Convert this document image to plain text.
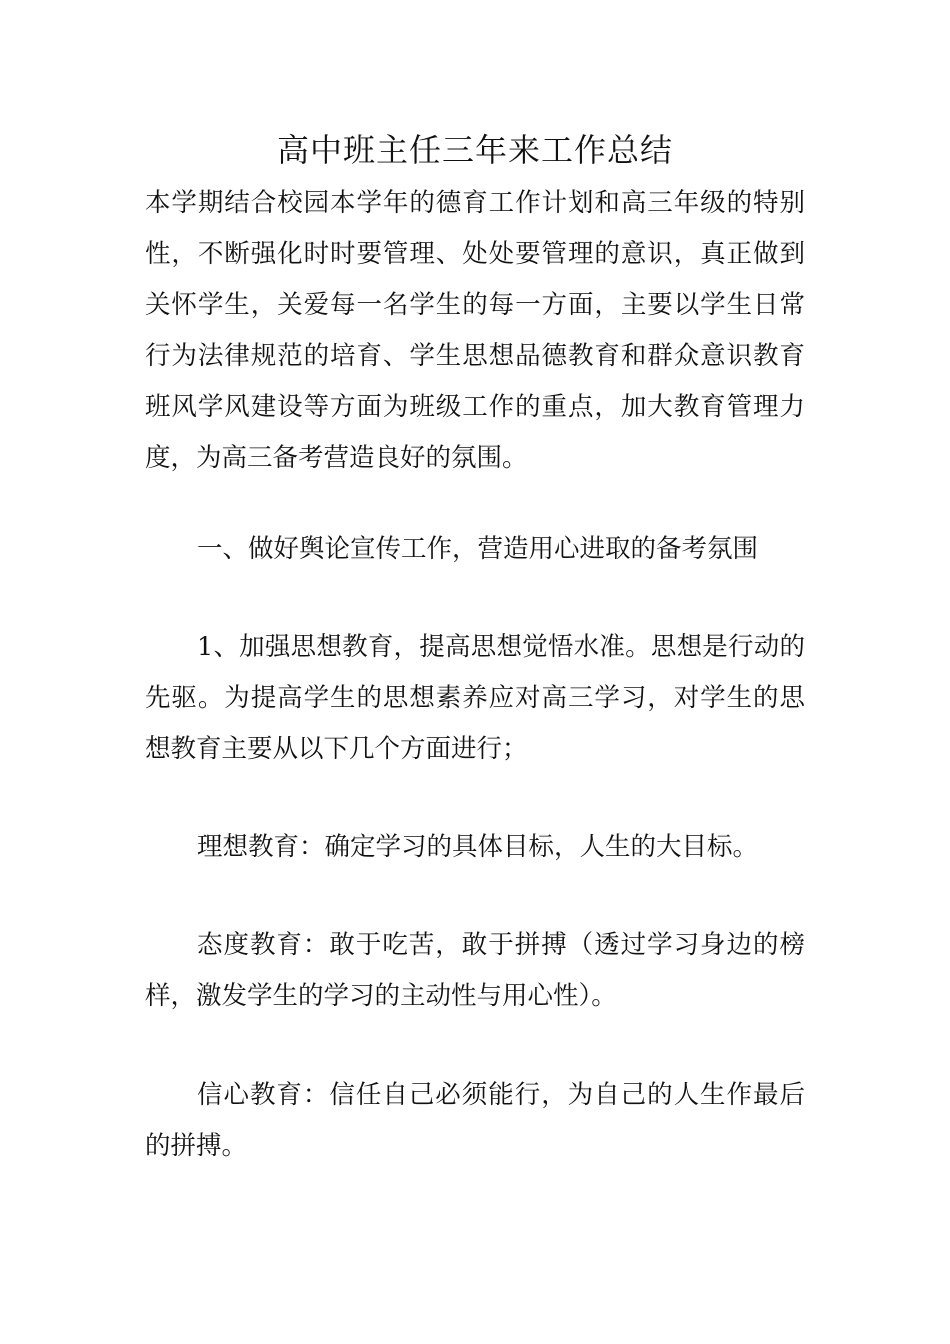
高中班主任三年来工作总结

本学期结合校园本学年的德育工作计划和高三年级的特别性，不断强化时时要管理、处处要管理的意识，真正做到关怀学生，关爱每一名学生的每一方面，主要以学生日常行为法律规范的培育、学生思想品德教育和群众意识教育班风学风建设等方面为班级工作的重点，加大教育管理力度，为高三备考营造良好的氛围。

一、做好舆论宣传工作，营造用心进取的备考氛围

1、加强思想教育，提高思想觉悟水准。思想是行动的先驱。为提高学生的思想素养应对高三学习，对学生的思想教育主要从以下几个方面进行；

理想教育：确定学习的具体目标，人生的大目标。

态度教育：敢于吃苦，敢于拼搏（透过学习身边的榜样，激发学生的学习的主动性与用心性）。

信心教育：信任自己必须能行，为自己的人生作最后的拼搏。
